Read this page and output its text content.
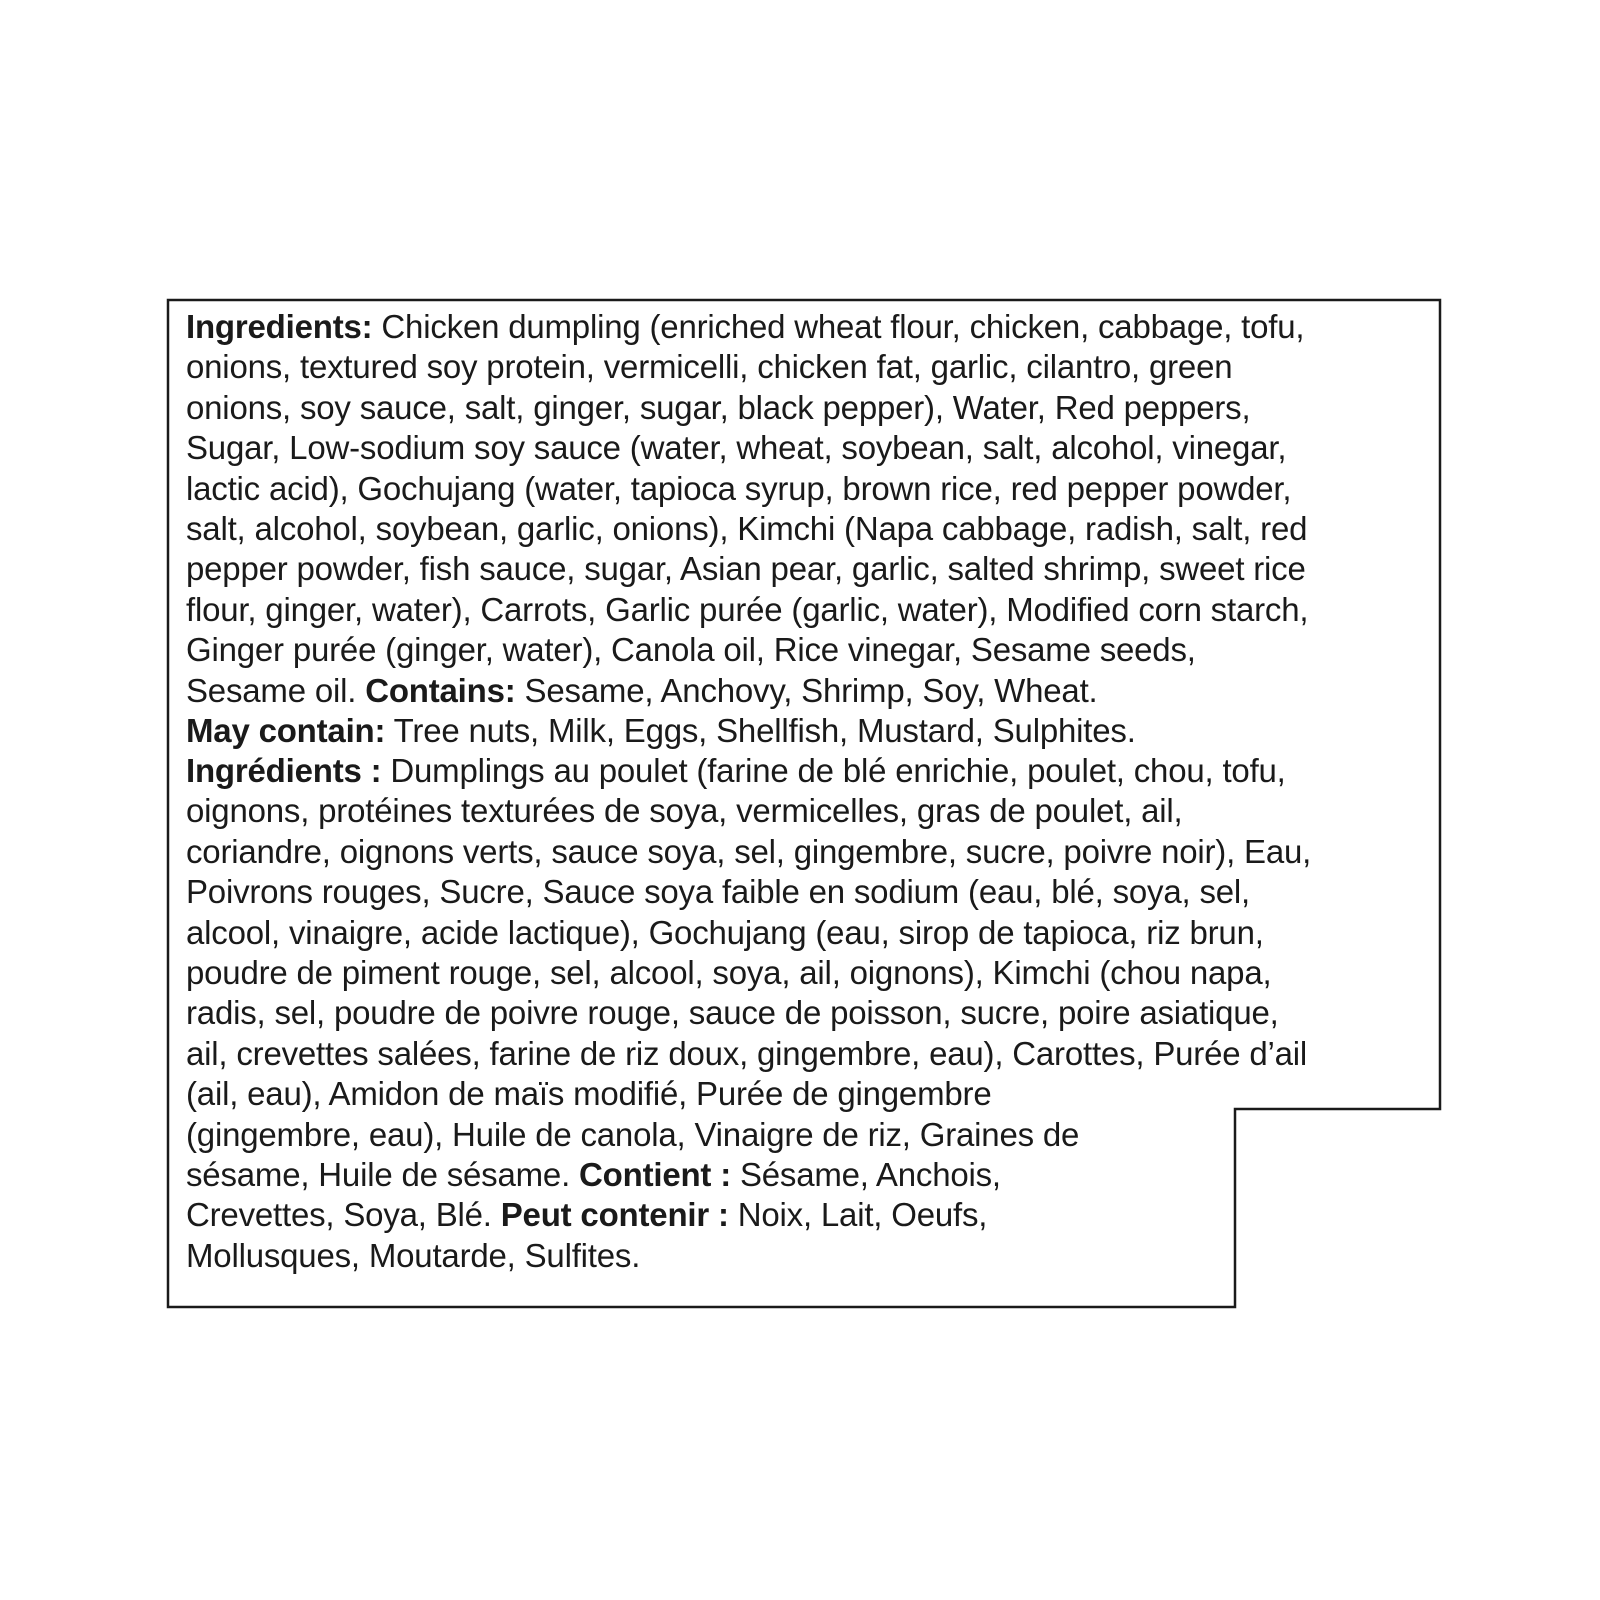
Ingredients: Chicken dumpling (enriched wheat flour, chicken, cabbage, tofu,
onions, textured soy protein, vermicelli, chicken fat, garlic, cilantro, green
onions, soy sauce, salt, ginger, sugar, black pepper), Water, Red peppers,
Sugar, Low-sodium soy sauce (water, wheat, soybean, salt, alcohol, vinegar,
lactic acid), Gochujang (water, tapioca syrup, brown rice, red pepper powder,
salt, alcohol, soybean, garlic, onions), Kimchi (Napa cabbage, radish, salt, red
pepper powder, fish sauce, sugar, Asian pear, garlic, salted shrimp, sweet rice
flour, ginger, water), Carrots, Garlic purée (garlic, water), Modified corn starch,
Ginger purée (ginger, water), Canola oil, Rice vinegar, Sesame seeds,
Sesame oil. Contains: Sesame, Anchovy, Shrimp, Soy, Wheat.
May contain: Tree nuts, Milk, Eggs, Shellfish, Mustard, Sulphites.
Ingrédients : Dumplings au poulet (farine de blé enrichie, poulet, chou, tofu,
oignons, protéines texturées de soya, vermicelles, gras de poulet, ail,
coriandre, oignons verts, sauce soya, sel, gingembre, sucre, poivre noir), Eau,
Poivrons rouges, Sucre, Sauce soya faible en sodium (eau, blé, soya, sel,
alcool, vinaigre, acide lactique), Gochujang (eau, sirop de tapioca, riz brun,
poudre de piment rouge, sel, alcool, soya, ail, oignons), Kimchi (chou napa,
radis, sel, poudre de poivre rouge, sauce de poisson, sucre, poire asiatique,
ail, crevettes salées, farine de riz doux, gingembre, eau), Carottes, Purée d’ail
(ail, eau), Amidon de maïs modifié, Purée de gingembre
(gingembre, eau), Huile de canola, Vinaigre de riz, Graines de
sésame, Huile de sésame. Contient : Sésame, Anchois,
Crevettes, Soya, Blé. Peut contenir : Noix, Lait, Oeufs,
Mollusques, Moutarde, Sulfites.
